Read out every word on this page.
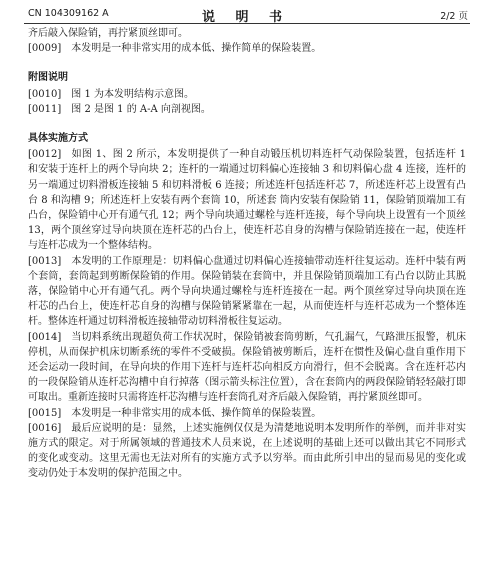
CN 104309162 A	说 明 书	2/2 页

齐后敲入保险销，再拧紧顶丝即可。

[0009] 本发明是一种非常实用的成本低、操作简单的保险装置。

附图说明

[0010] 图 1 为本发明结构示意图。

[0011] 图 2 是图 1 的 A-A 向剖视图。

具体实施方式

[0012] 如图 1、图 2 所示，本发明提供了一种自动锻压机切料连杆气动保险装置，包括连杆 1 和安装于连杆上的两个导向块 2；连杆的一端通过切料偏心连接轴 3 和切料偏心盘 4 连接，连杆的另一端通过切料滑板连接轴 5 和切料滑板 6 连接；所述连杆包括连杆芯 7，所述连杆芯上设置有凸台 8 和沟槽 9；所述连杆上安装有两个套筒 10，所述套 筒内安装有保险销 11，保险销顶端加工有凸台，保险销中心开有通气孔 12；两个导向块通过螺栓与连杆连接，每个导向块上设置有一个顶丝 13，两个顶丝穿过导向块顶在连杆芯的凸台上，使连杆芯自身的沟槽与保险销连接在一起，使连杆与连杆芯成为一个整体结构。

[0013] 本发明的工作原理是：切料偏心盘通过切料偏心连接轴带动连杆往复运动。连杆中装有两个套筒，套筒起到剪断保险销的作用。保险销装在套筒中，并且保险销顶端加工有凸台以防止其脱落，保险销中心开有通气孔。两个导向块通过螺栓与连杆连接在一起。两个顶丝穿过导向块顶在连杆芯的凸台上，使连杆芯自身的沟槽与保险销紧紧靠在一起，从而使连杆与连杆芯成为一个整体连杆。整体连杆通过切料滑板连接轴带动切料滑板往复运动。

[0014] 当切料系统出现超负荷工作状况时，保险销被套筒剪断，气孔漏气，气路泄压报警，机床停机，从而保护机床切断系统的零件不受破损。保险销被剪断后，连杆在惯性及偏心盘自重作用下还会运动一段时间，在导向块的作用下连杆与连杆芯向相反方向滑行，但不会脱离。含在连杆芯内的一段保险销从连杆芯沟槽中自行掉落（图示箭头标注位置），含在套筒内的两段保险销轻轻敲打即可取出。重新连接时只需将连杆芯沟槽与连杆套筒孔对齐后敲入保险销，再拧紧顶丝即可。

[0015] 本发明是一种非常实用的成本低、操作简单的保险装置。

[0016] 最后应说明的是：显然，上述实施例仅仅是为清楚地说明本发明所作的举例，而并非对实施方式的限定。对于所属领域的普通技术人员来说，在上述说明的基础上还可以做出其它不同形式的变化或变动。这里无需也无法对所有的实施方式予以穷举。而由此所引申出的显而易见的变化或变动仍处于本发明的保护范围之中。
